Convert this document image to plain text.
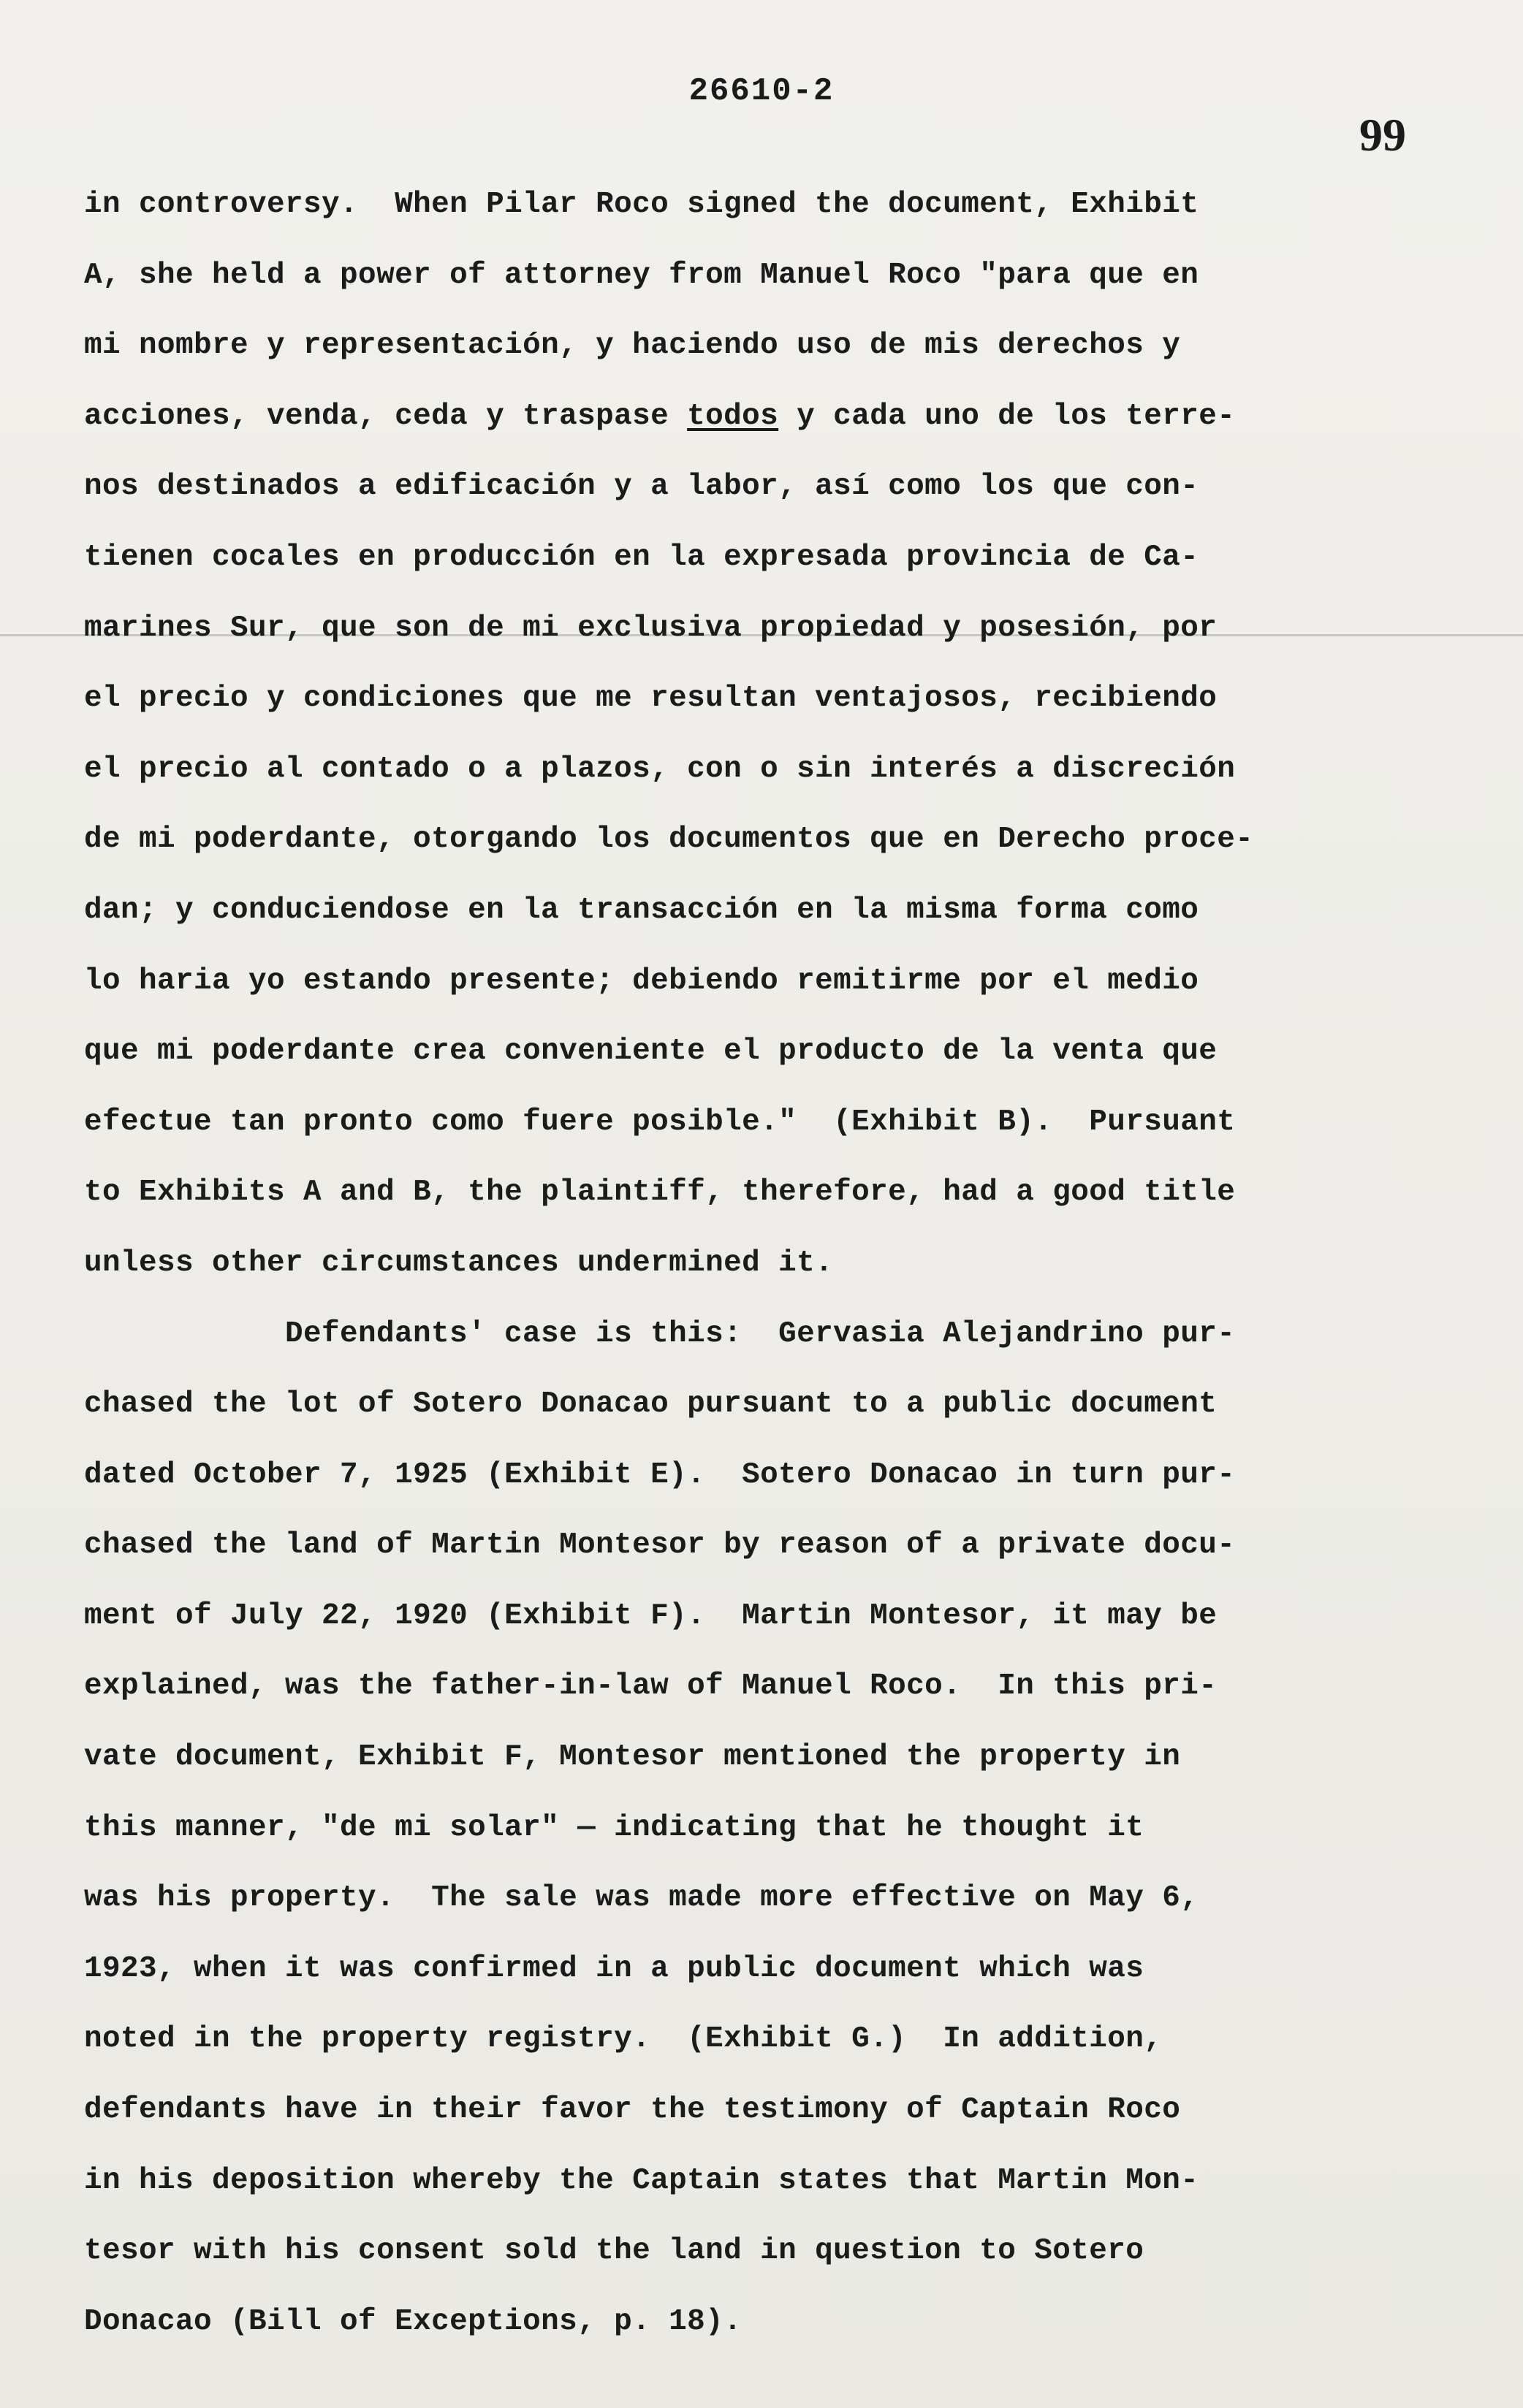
26610-2
99
in controversy.  When Pilar Roco signed the document, Exhibit
A, she held a power of attorney from Manuel Roco "para que en
mi nombre y representación, y haciendo uso de mis derechos y
acciones, venda, ceda y traspase todos y cada uno de los terre-
nos destinados a edificación y a labor, así como los que con-
tienen cocales en producción en la expresada provincia de Ca-
marines Sur, que son de mi exclusiva propiedad y posesión, por
el precio y condiciones que me resultan ventajosos, recibiendo
el precio al contado o a plazos, con o sin interés a discreción
de mi poderdante, otorgando los documentos que en Derecho proce-
dan; y conduciendose en la transacción en la misma forma como
lo haria yo estando presente; debiendo remitirme por el medio
que mi poderdante crea conveniente el producto de la venta que
efectue tan pronto como fuere posible."  (Exhibit B).  Pursuant
to Exhibits A and B, the plaintiff, therefore, had a good title
unless other circumstances undermined it.
Defendants' case is this:  Gervasia Alejandrino pur-
chased the lot of Sotero Donacao pursuant to a public document
dated October 7, 1925 (Exhibit E).  Sotero Donacao in turn pur-
chased the land of Martin Montesor by reason of a private docu-
ment of July 22, 1920 (Exhibit F).  Martin Montesor, it may be
explained, was the father-in-law of Manuel Roco.  In this pri-
vate document, Exhibit F, Montesor mentioned the property in
this manner, "de mi solar" — indicating that he thought it
was his property.  The sale was made more effective on May 6,
1923, when it was confirmed in a public document which was
noted in the property registry.  (Exhibit G.)  In addition,
defendants have in their favor the testimony of Captain Roco
in his deposition whereby the Captain states that Martin Mon-
tesor with his consent sold the land in question to Sotero
Donacao (Bill of Exceptions, p. 18).
